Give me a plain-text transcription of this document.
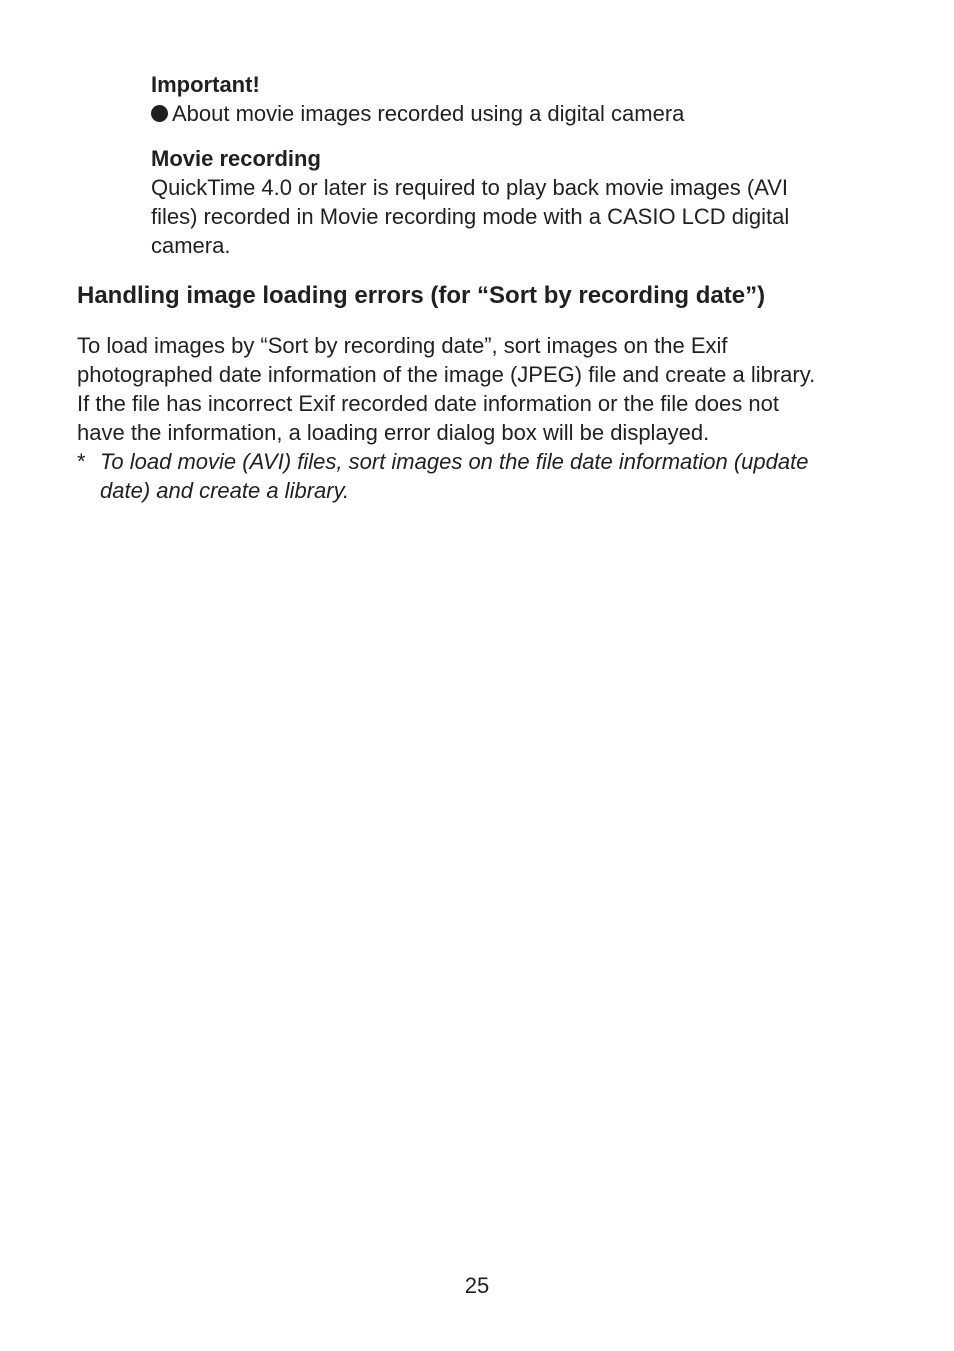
Important!
About movie images recorded using a digital camera
Movie recording
QuickTime 4.0 or later is required to play back movie images (AVI
files) recorded in Movie recording mode with a CASIO LCD digital
camera.
Handling image loading errors (for “Sort by recording date”)
To load images by “Sort by recording date”, sort images on the Exif
photographed date information of the image (JPEG) file and create a library.
If the file has incorrect Exif recorded date information or the file does not
have the information, a loading error dialog box will be displayed.
* To load movie (AVI) files, sort images on the file date information (update
date) and create a library.
25
